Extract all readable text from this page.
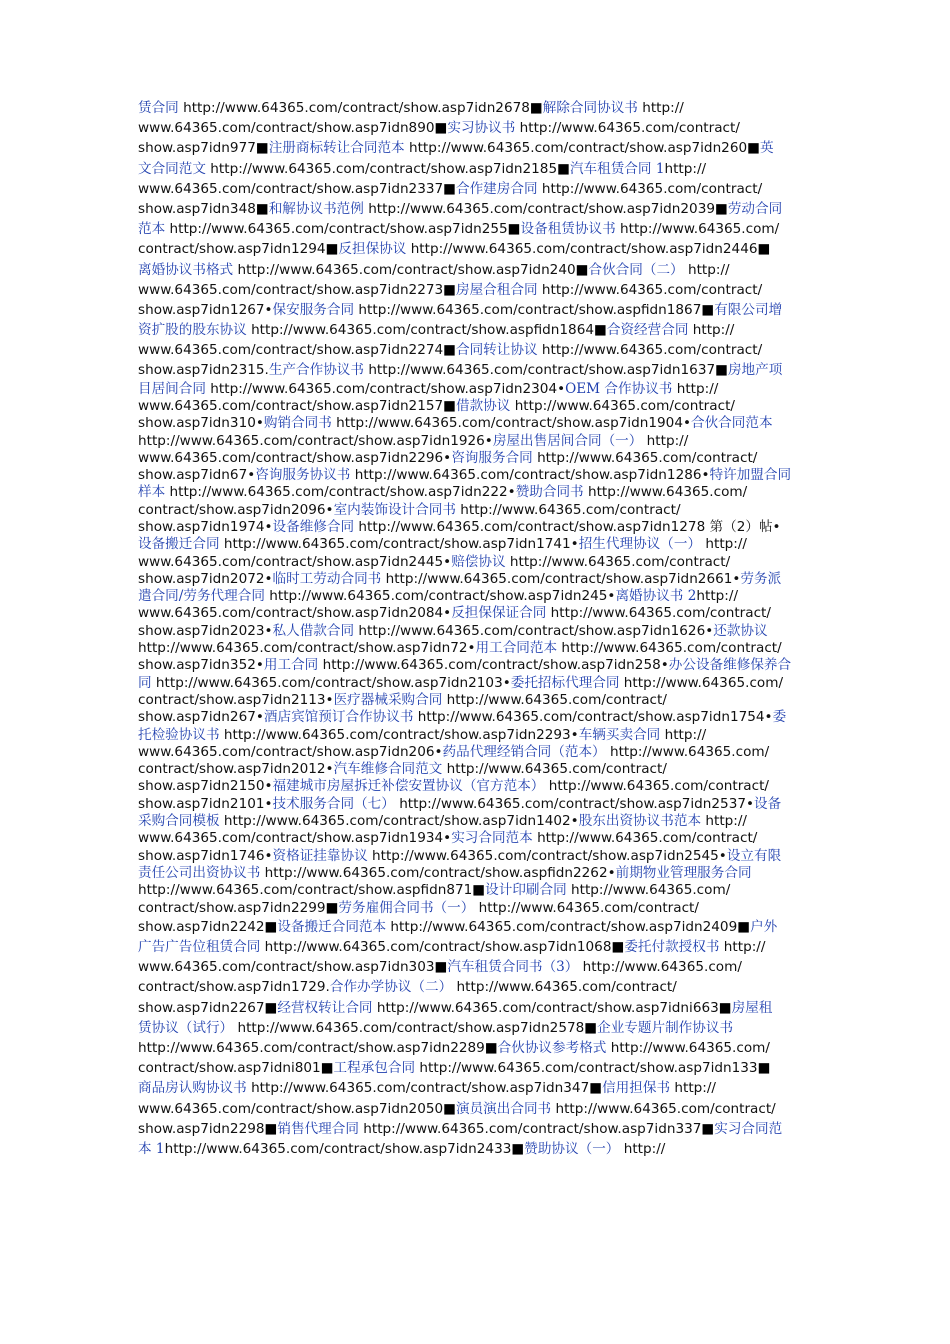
赁合同 http://www.64365.com/contract/show.asp7idn2678■解除合同协议书 http://
www.64365.com/contract/show.asp7idn890■实习协议书 http://www.64365.com/contract/
show.asp7idn977■注册商标转让合同范本 http://www.64365.com/contract/show.asp7idn260■英
文合同范文 http://www.64365.com/contract/show.asp7idn2185■汽车租赁合同 1http://
www.64365.com/contract/show.asp7idn2337■合作建房合同 http://www.64365.com/contract/
show.asp7idn348■和解协议书范例 http://www.64365.com/contract/show.asp7idn2039■劳动合同
范本 http://www.64365.com/contract/show.asp7idn255■设备租赁协议书 http://www.64365.com/
contract/show.asp7idn1294■反担保协议 http://www.64365.com/contract/show.asp7idn2446■
离婚协议书格式 http://www.64365.com/contract/show.asp7idn240■合伙合同（二） http://
www.64365.com/contract/show.asp7idn2273■房屋合租合同 http://www.64365.com/contract/
show.asp7idn1267•保安服务合同 http://www.64365.com/contract/show.aspfidn1867■有限公司增
资扩股的股东协议 http://www.64365.com/contract/show.aspfidn1864■合资经营合同 http://
www.64365.com/contract/show.asp7idn2274■合同转让协议 http://www.64365.com/contract/
show.asp7idn2315.生产合作协议书 http://www.64365.com/contract/show.asp7idn1637■房地产项
目居间合同 http://www.64365.com/contract/show.asp7idn2304•OEM 合作协议书 http://
www.64365.com/contract/show.asp7idn2157■借款协议 http://www.64365.com/contract/
show.asp7idn310•购销合同书 http://www.64365.com/contract/show.asp7idn1904•合伙合同范本
http://www.64365.com/contract/show.asp7idn1926•房屋出售居间合同（一） http://
www.64365.com/contract/show.asp7idn2296•咨询服务合同 http://www.64365.com/contract/
show.asp7idn67•咨询服务协议书 http://www.64365.com/contract/show.asp7idn1286•特许加盟合同
样本 http://www.64365.com/contract/show.asp7idn222•赞助合同书 http://www.64365.com/
contract/show.asp7idn2096•室内装饰设计合同书 http://www.64365.com/contract/
show.asp7idn1974•设备维修合同 http://www.64365.com/contract/show.asp7idn1278 第（2）帖•
设备搬迁合同 http://www.64365.com/contract/show.asp7idn1741•招生代理协议（一） http://
www.64365.com/contract/show.asp7idn2445•赔偿协议 http://www.64365.com/contract/
show.asp7idn2072•临时工劳动合同书 http://www.64365.com/contract/show.asp7idn2661•劳务派
遣合同/劳务代理合同 http://www.64365.com/contract/show.asp7idn245•离婚协议书 2http://
www.64365.com/contract/show.asp7idn2084•反担保保证合同 http://www.64365.com/contract/
show.asp7idn2023•私人借款合同 http://www.64365.com/contract/show.asp7idn1626•还款协议
http://www.64365.com/contract/show.asp7idn72•用工合同范本 http://www.64365.com/contract/
show.asp7idn352•用工合同 http://www.64365.com/contract/show.asp7idn258•办公设备维修保养合
同 http://www.64365.com/contract/show.asp7idn2103•委托招标代理合同 http://www.64365.com/
contract/show.asp7idn2113•医疗器械采购合同 http://www.64365.com/contract/
show.asp7idn267•酒店宾馆预订合作协议书 http://www.64365.com/contract/show.asp7idn1754•委
托检验协议书 http://www.64365.com/contract/show.asp7idn2293•车辆买卖合同 http://
www.64365.com/contract/show.asp7idn206•药品代理经销合同（范本） http://www.64365.com/
contract/show.asp7idn2012•汽车维修合同范文 http://www.64365.com/contract/
show.asp7idn2150•福建城市房屋拆迁补偿安置协议（官方范本） http://www.64365.com/contract/
show.asp7idn2101•技术服务合同（七） http://www.64365.com/contract/show.asp7idn2537•设备
采购合同模板 http://www.64365.com/contract/show.asp7idn1402•股东出资协议书范本 http://
www.64365.com/contract/show.asp7idn1934•实习合同范本 http://www.64365.com/contract/
show.asp7idn1746•资格证挂靠协议 http://www.64365.com/contract/show.asp7idn2545•设立有限
责任公司出资协议书 http://www.64365.com/contract/show.aspfidn2262•前期物业管理服务合同
http://www.64365.com/contract/show.aspfidn871■设计印刷合同 http://www.64365.com/
contract/show.asp7idn2299■劳务雇佣合同书（一） http://www.64365.com/contract/
show.asp7idn2242■设备搬迁合同范本 http://www.64365.com/contract/show.asp7idn2409■户外
广告广告位租赁合同 http://www.64365.com/contract/show.asp7idn1068■委托付款授权书 http://
www.64365.com/contract/show.asp7idn303■汽车租赁合同书（3） http://www.64365.com/
contract/show.asp7idn1729.合作办学协议（二） http://www.64365.com/contract/
show.asp7idn2267■经营权转让合同 http://www.64365.com/contract/show.asp7idni663■房屋租
赁协议（试行） http://www.64365.com/contract/show.asp7idn2578■企业专题片制作协议书
http://www.64365.com/contract/show.asp7idn2289■合伙协议参考格式 http://www.64365.com/
contract/show.asp7idni801■工程承包合同 http://www.64365.com/contract/show.asp7idn133■
商品房认购协议书 http://www.64365.com/contract/show.asp7idn347■信用担保书 http://
www.64365.com/contract/show.asp7idn2050■演员演出合同书 http://www.64365.com/contract/
show.asp7idn2298■销售代理合同 http://www.64365.com/contract/show.asp7idn337■实习合同范
本 1http://www.64365.com/contract/show.asp7idn2433■赞助协议（一） http://
